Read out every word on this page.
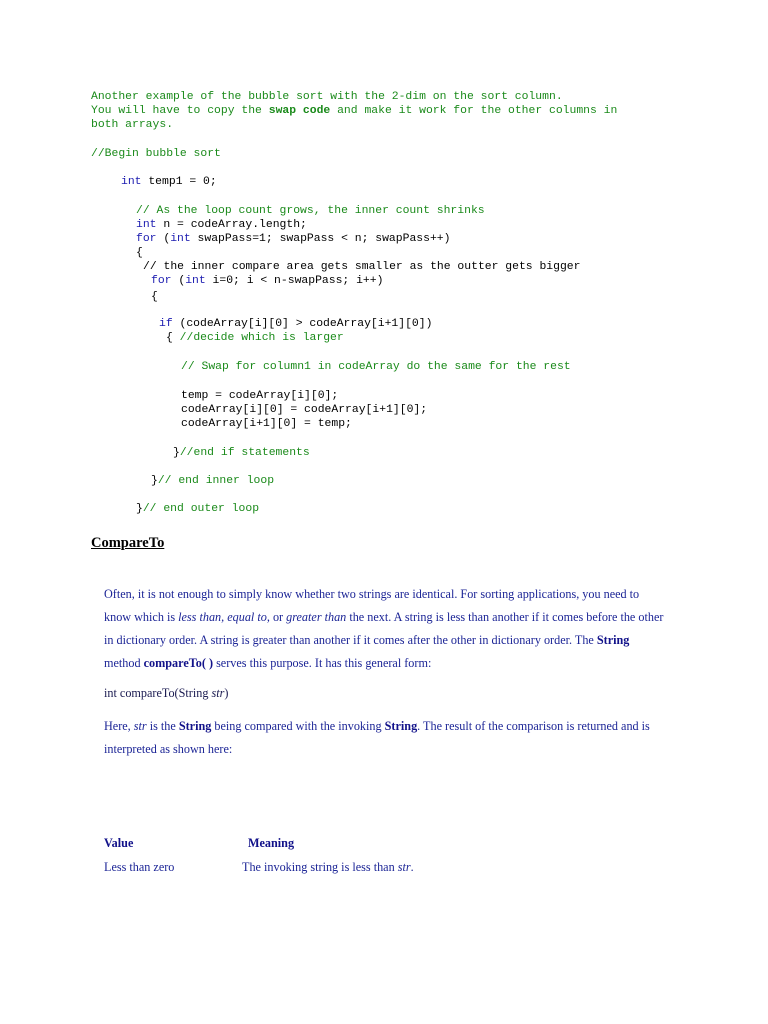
Another example of the bubble sort with the 2-dim on the sort column.
You will have to copy the swap code and make it work for the other columns in
both arrays.
//Begin bubble sort
int temp1 = 0;
// As the loop count grows, the inner count shrinks
int n = codeArray.length;
for (int swapPass=1; swapPass < n; swapPass++)
{
// the inner compare area gets smaller as the outter gets bigger
for (int i=0; i < n-swapPass; i++)
{
if (codeArray[i][0] > codeArray[i+1][0])
{ //decide which is larger
// Swap for column1 in codeArray do the same for the rest
temp = codeArray[i][0];
codeArray[i][0] = codeArray[i+1][0];
codeArray[i+1][0] = temp;
}//end if statements
}// end inner loop
}// end outer loop
CompareTo
Often, it is not enough to simply know whether two strings are identical. For sorting applications, you need to know which is less than, equal to, or greater than the next. A string is less than another if it comes before the other in dictionary order. A string is greater than another if it comes after the other in dictionary order. The String method compareTo( ) serves this purpose. It has this general form:
int compareTo(String str)
Here, str is the String being compared with the invoking String. The result of the comparison is returned and is interpreted as shown here:
Value	Meaning
Less than zero	The invoking string is less than str.
